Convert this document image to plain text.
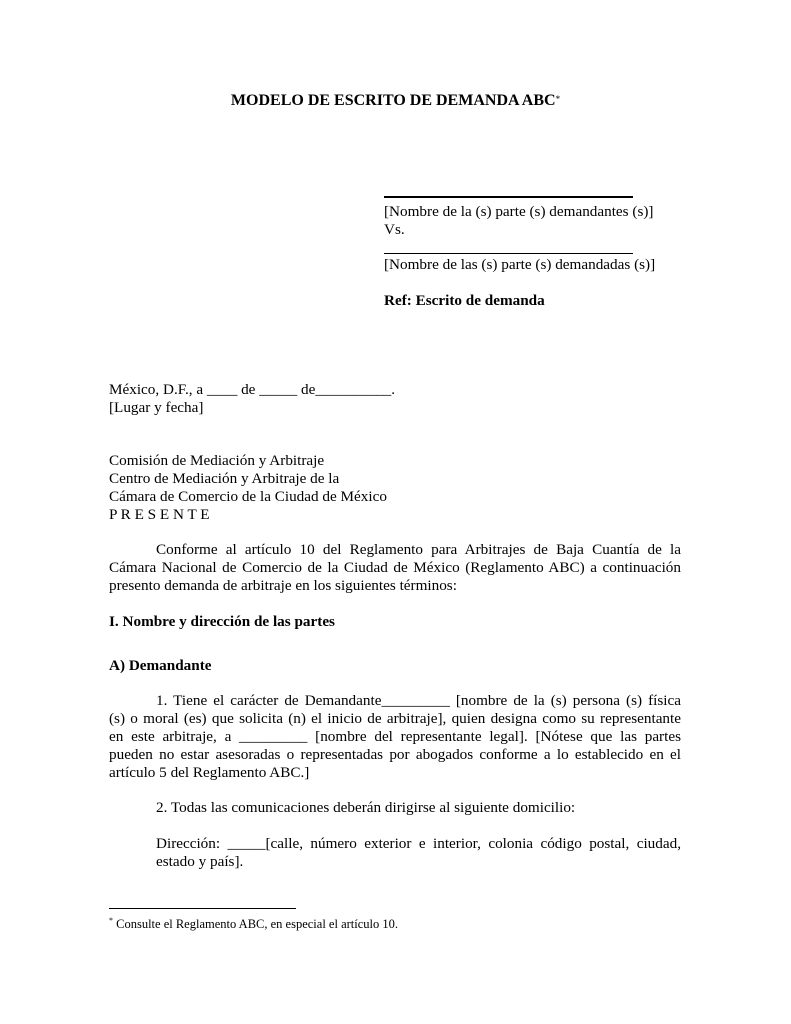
MODELO DE ESCRITO DE DEMANDA ABC*
[Nombre de la (s) parte (s) demandantes (s)]
Vs.
[Nombre de las (s) parte (s) demandadas (s)]
Ref: Escrito de demanda
México, D.F., a ____ de _____ de__________.
[Lugar y fecha]
Comisión de Mediación y Arbitraje
Centro de Mediación y Arbitraje de la
Cámara de Comercio de la Ciudad de México
P R E S E N T E
Conforme al artículo 10 del Reglamento para Arbitrajes de Baja Cuantía de la
Cámara Nacional de Comercio de la Ciudad de México (Reglamento ABC) a continuación
presento demanda de arbitraje en los siguientes términos:
I. Nombre y dirección de las partes
A) Demandante
1. Tiene el carácter de Demandante_________ [nombre de la (s) persona (s) física
(s) o moral (es) que solicita (n) el inicio de arbitraje], quien designa como su representante
en este arbitraje, a _________ [nombre del representante legal]. [Nótese que las partes
pueden no estar asesoradas o representadas por abogados conforme a lo establecido en el
artículo 5 del Reglamento ABC.]
2. Todas las comunicaciones deberán dirigirse al siguiente domicilio:
Dirección: _____[calle, número exterior e interior, colonia código postal, ciudad,
estado y país].
* Consulte el Reglamento ABC, en especial el artículo 10.
